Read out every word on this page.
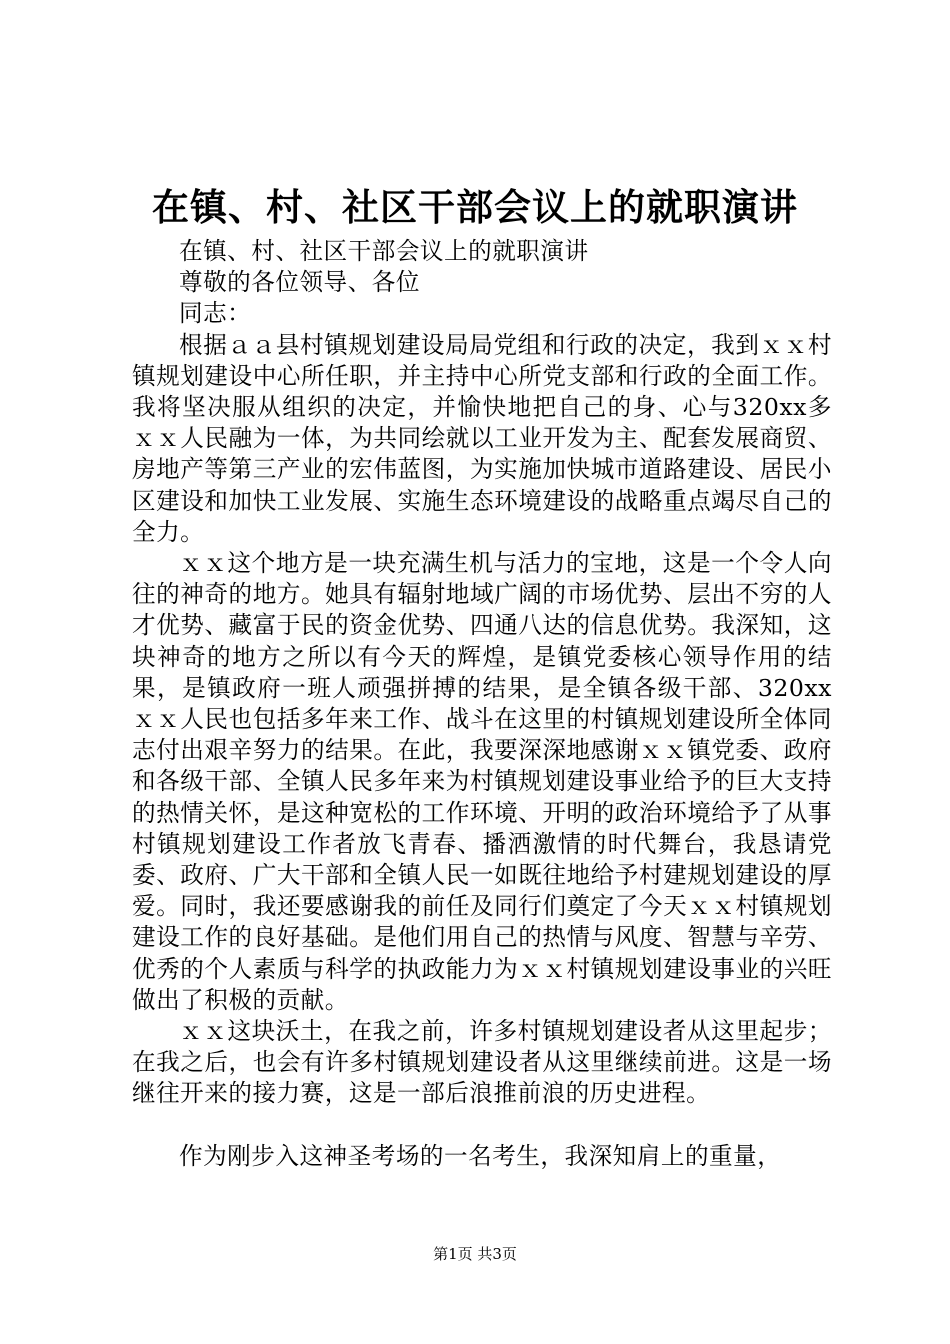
在镇、村、社区干部会议上的就职演讲

在镇、村、社区干部会议上的就职演讲

尊敬的各位领导、各位

同志：

根据ａａ县村镇规划建设局局党组和行政的决定，我到ｘｘ村镇规划建设中心所任职，并主持中心所党支部和行政的全面工作。我将坚决服从组织的决定，并愉快地把自己的身、心与320xx多ｘｘ人民融为一体，为共同绘就以工业开发为主、配套发展商贸、房地产等第三产业的宏伟蓝图，为实施加快城市道路建设、居民小区建设和加快工业发展、实施生态环境建设的战略重点竭尽自己的全力。

ｘｘ这个地方是一块充满生机与活力的宝地，这是一个令人向往的神奇的地方。她具有辐射地域广阔的市场优势、层出不穷的人才优势、藏富于民的资金优势、四通八达的信息优势。我深知，这块神奇的地方之所以有今天的辉煌，是镇党委核心领导作用的结果，是镇政府一班人顽强拼搏的结果，是全镇各级干部、320xx ｘｘ人民也包括多年来工作、战斗在这里的村镇规划建设所全体同志付出艰辛努力的结果。在此，我要深深地感谢ｘｘ镇党委、政府和各级干部、全镇人民多年来为村镇规划建设事业给予的巨大支持的热情关怀，是这种宽松的工作环境、开明的政治环境给予了从事村镇规划建设工作者放飞青春、播洒激情的时代舞台，我恳请党委、政府、广大干部和全镇人民一如既往地给予村建规划建设的厚爱。同时，我还要感谢我的前任及同行们奠定了今天ｘｘ村镇规划建设工作的良好基础。是他们用自己的热情与风度、智慧与辛劳、优秀的个人素质与科学的执政能力为ｘｘ村镇规划建设事业的兴旺做出了积极的贡献。

ｘｘ这块沃土，在我之前，许多村镇规划建设者从这里起步；在我之后，也会有许多村镇规划建设者从这里继续前进。这是一场继往开来的接力赛，这是一部后浪推前浪的历史进程。

作为刚步入这神圣考场的一名考生，我深知肩上的重量，

第1页 共3页
